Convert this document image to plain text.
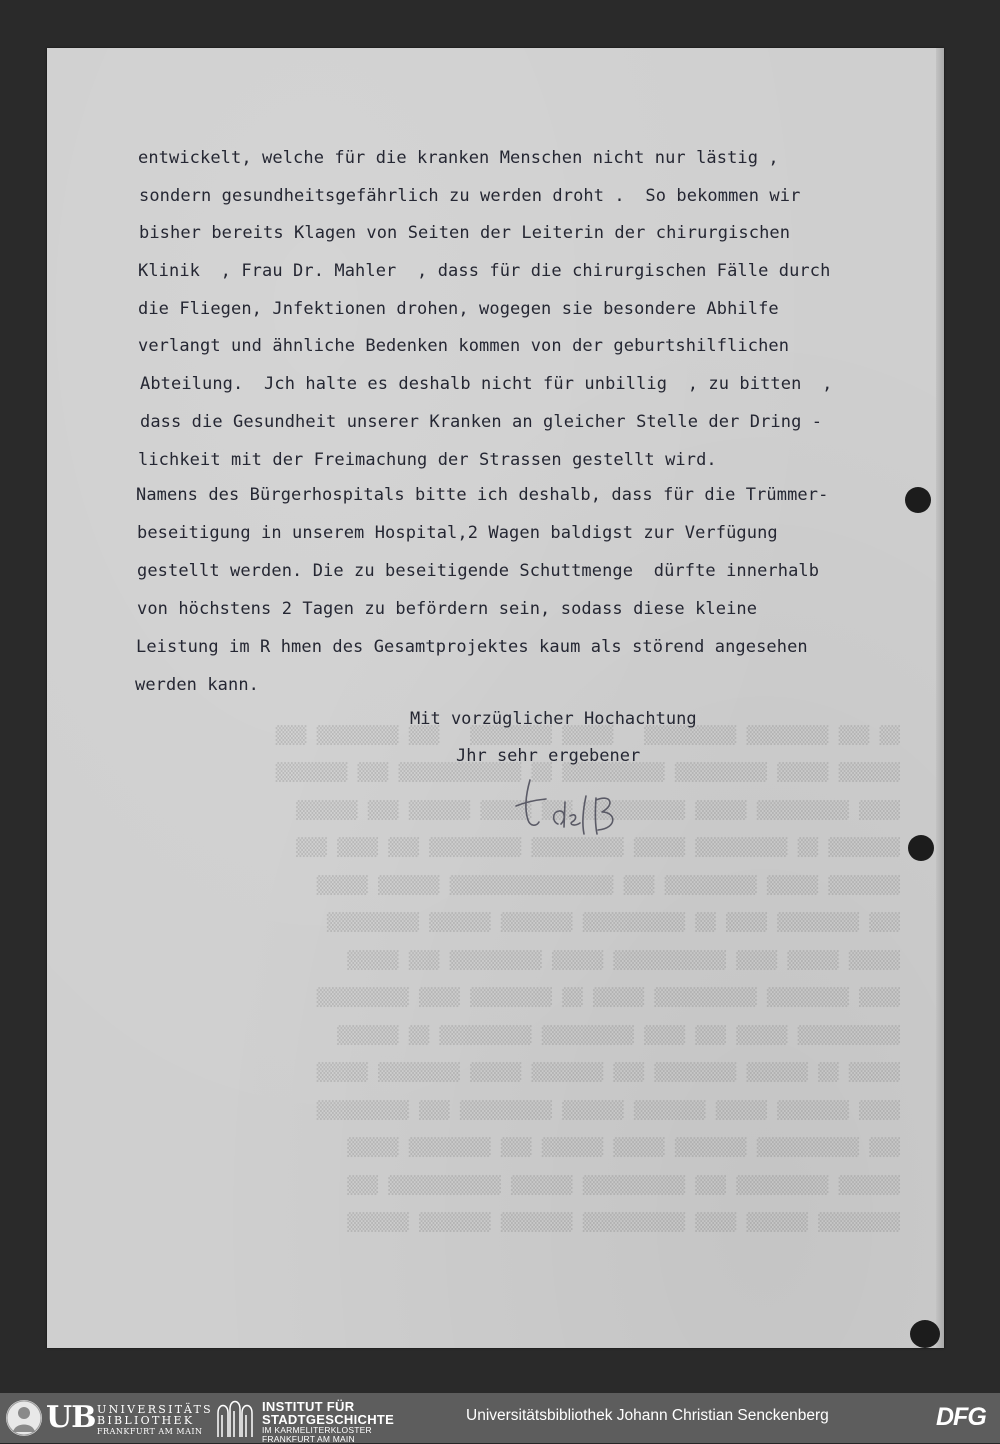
entwickelt, welche für die kranken Menschen nicht nur lästig ,
sondern gesundheitsgefährlich zu werden droht .  So bekommen wir
bisher bereits Klagen von Seiten der Leiterin der chirurgischen
Klinik  , Frau Dr. Mahler  , dass für die chirurgischen Fälle durch
die Fliegen, Jnfektionen drohen, wogegen sie besondere Abhilfe
verlangt und ähnliche Bedenken kommen von der geburtshilflichen
Abteilung.  Jch halte es deshalb nicht für unbillig  , zu bitten  ,
dass die Gesundheit unserer Kranken an gleicher Stelle der Dring -
lichkeit mit der Freimachung der Strassen gestellt wird.
Namens des Bürgerhospitals bitte ich deshalb, dass für die Trümmer-
beseitigung in unserem Hospital,2 Wagen baldigst zur Verfügung
gestellt werden. Die zu beseitigende Schuttmenge  dürfte innerhalb
von höchstens 2 Tagen zu befördern sein, sodass diese kleine
Leistung im R hmen des Gesamtprojektes kaum als störend angesehen
werden kann.
Mit vorzüglicher Hochachtung
Jhr sehr ergebener
UB UNIVERSITÄTS
BIBLIOTHEK
FRANKFURT AM MAIN
INSTITUT FÜR
STADTGESCHICHTE
IM KARMELITERKLOSTER
FRANKFURT AM MAIN
Universitätsbibliothek Johann Christian Senckenberg	DFG
